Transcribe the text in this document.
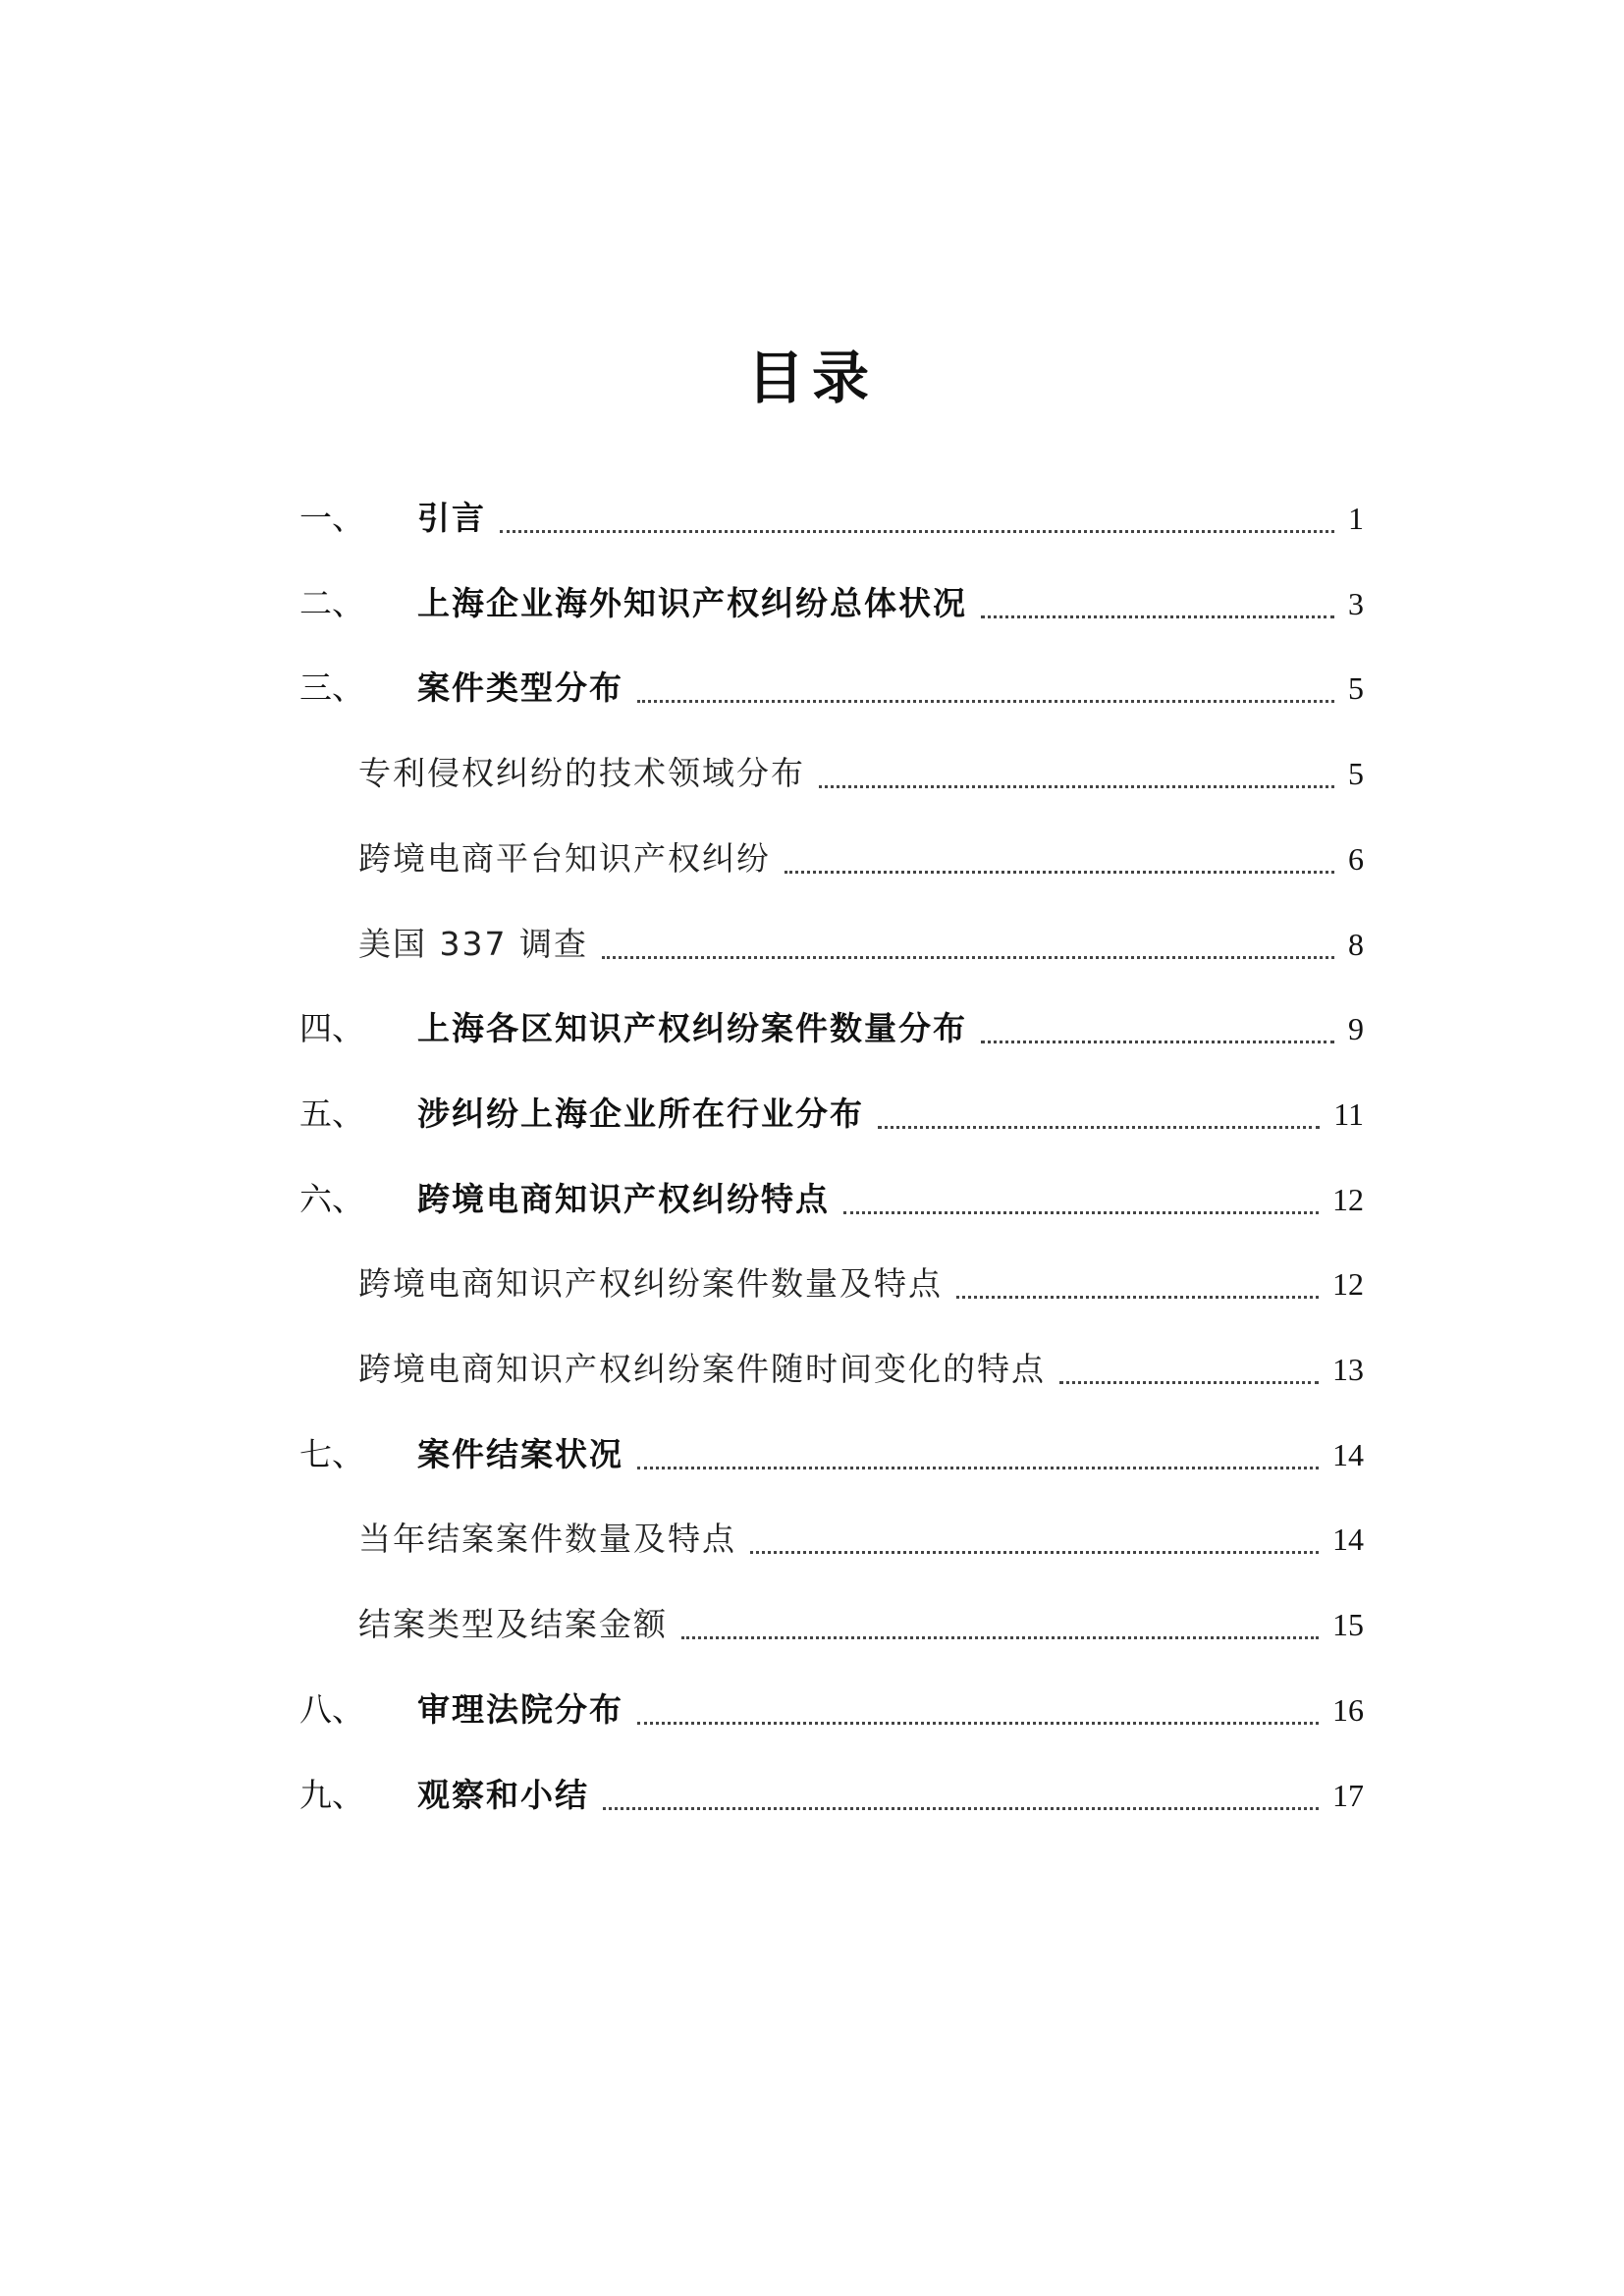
目录
一、 引言	1
二、 上海企业海外知识产权纠纷总体状况	3
三、 案件类型分布	5
专利侵权纠纷的技术领域分布	5
跨境电商平台知识产权纠纷	6
美国 337 调查	8
四、 上海各区知识产权纠纷案件数量分布	9
五、 涉纠纷上海企业所在行业分布	11
六、 跨境电商知识产权纠纷特点	12
跨境电商知识产权纠纷案件数量及特点	12
跨境电商知识产权纠纷案件随时间变化的特点	13
七、 案件结案状况	14
当年结案案件数量及特点	14
结案类型及结案金额	15
八、 审理法院分布	16
九、 观察和小结	17
